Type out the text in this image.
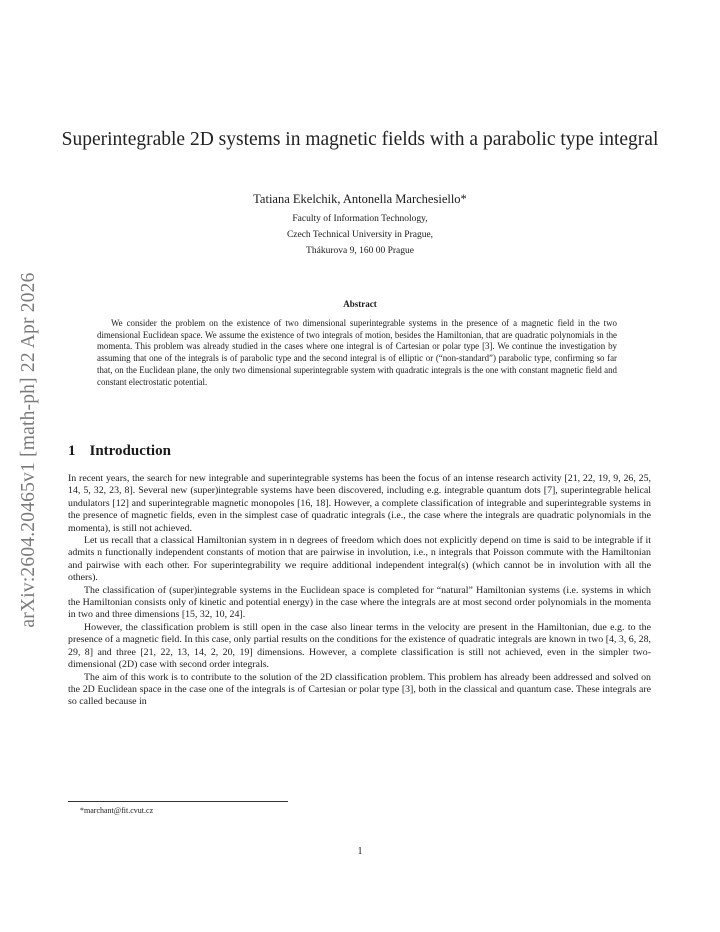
arXiv:2604.20465v1 [math-ph] 22 Apr 2026
Superintegrable 2D systems in magnetic fields with a parabolic type integral
Tatiana Ekelchik, Antonella Marchesiello*
Faculty of Information Technology,
Czech Technical University in Prague,
Thákurova 9, 160 00 Prague
Abstract
We consider the problem on the existence of two dimensional superintegrable systems in the presence of a magnetic field in the two dimensional Euclidean space. We assume the existence of two integrals of motion, besides the Hamiltonian, that are quadratic polynomials in the momenta. This problem was already studied in the cases where one integral is of Cartesian or polar type [3]. We continue the investigation by assuming that one of the integrals is of parabolic type and the second integral is of elliptic or (“non-standard”) parabolic type, confirming so far that, on the Euclidean plane, the only two dimensional superintegrable system with quadratic integrals is the one with constant magnetic field and constant electrostatic potential.
1 Introduction

In recent years, the search for new integrable and superintegrable systems has been the focus of an intense research activity [21, 22, 19, 9, 26, 25, 14, 5, 32, 23, 8]. Several new (super)integrable systems have been discovered, including e.g. integrable quantum dots [7], superintegrable helical undulators [12] and superintegrable magnetic monopoles [16, 18]. However, a complete classification of integrable and superintegrable systems in the presence of magnetic fields, even in the simplest case of quadratic integrals (i.e., the case where the integrals are quadratic polynomials in the momenta), is still not achieved.

Let us recall that a classical Hamiltonian system in n degrees of freedom which does not explicitly depend on time is said to be integrable if it admits n functionally independent constants of motion that are pairwise in involution, i.e., n integrals that Poisson commute with the Hamiltonian and pairwise with each other. For superintegrability we require additional independent integral(s) (which cannot be in involution with all the others).

The classification of (super)integrable systems in the Euclidean space is completed for “natural” Hamiltonian systems (i.e. systems in which the Hamiltonian consists only of kinetic and potential energy) in the case where the integrals are at most second order polynomials in the momenta in two and three dimensions [15, 32, 10, 24].

However, the classification problem is still open in the case also linear terms in the velocity are present in the Hamiltonian, due e.g. to the presence of a magnetic field. In this case, only partial results on the conditions for the existence of quadratic integrals are known in two [4, 3, 6, 28, 29, 8] and three [21, 22, 13, 14, 2, 20, 19] dimensions. However, a complete classification is still not achieved, even in the simpler two-dimensional (2D) case with second order integrals.

The aim of this work is to contribute to the solution of the 2D classification problem. This problem has already been addressed and solved on the 2D Euclidean space in the case one of the integrals is of Cartesian or polar type [3], both in the classical and quantum case. These integrals are so called because in

*marchant@fit.cvut.cz
1
